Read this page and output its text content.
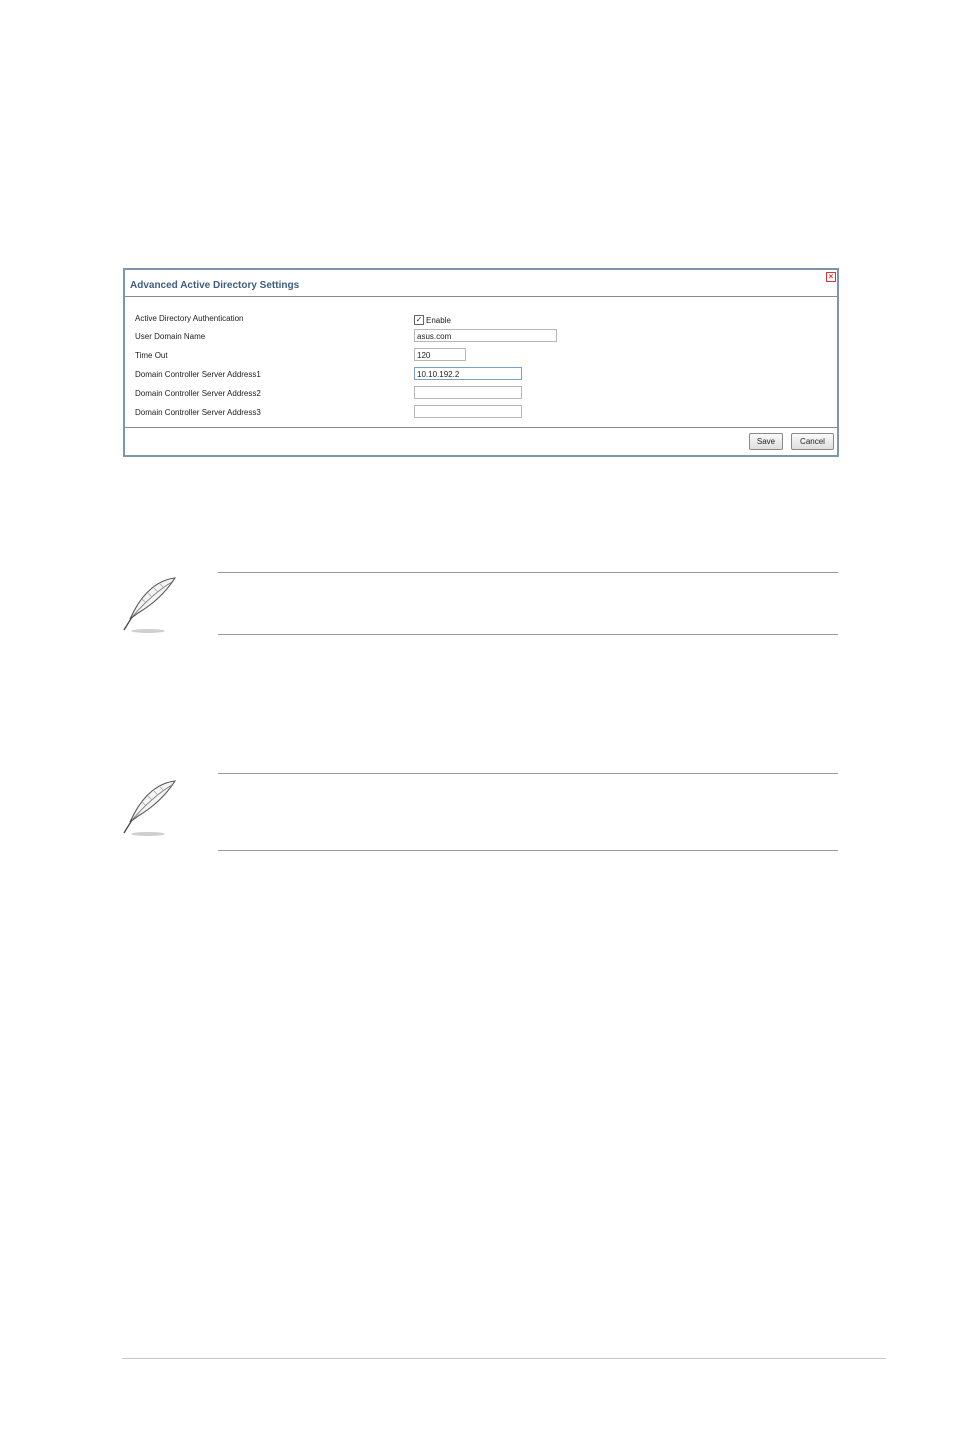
Advanced Active Directory Settings
×
Active Directory Authentication	✓ Enable
User Domain Name	asus.com
Time Out	120
Domain Controller Server Address1	10.10.192.2
Domain Controller Server Address2
Domain Controller Server Address3
Save	Cancel
